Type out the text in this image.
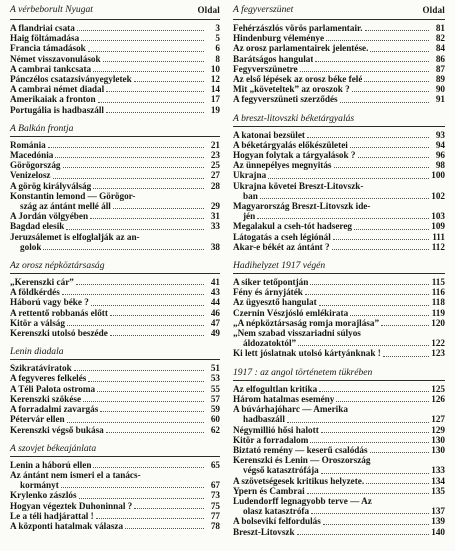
A vérbeborult Nyugat	Oldal
A flandriai csata	3
Haig föltámadása	5
Francia támadások	6
Német visszavonulások	8
A cambrai tankcsata	10
Pánczélos csatazsiványegyletek	12
A cambrai német diadal	14
Amerikaiak a fronton	17
Portugália is hadbaszáll	19
A Balkán frontja
Románia	21
Macedónia	23
Görögország	25
Venizelosz	27
A görög királyválság	28
Konstantin lemond — Görögor-
szág az ántánt mellé áll	29
A Jordán völgyében	31
Bagdad elesik	33
Jeruzsálemet is elfoglalják az an-
golok	38
Az orosz népköztársaság
„Kerenszki cár”	41
A földkérdés	43
Háború vagy béke ?	44
A rettentő robbanás előtt	46
Kitör a válság	47
Kerenszki utolsó beszéde	49
Lenin diadala
Szikratáviratok	51
A fegyveres felkelés	53
A Téli Palota ostroma	55
Kerenszki szökése	57
A forradalmi zavargás	59
Pétervár ellen	60
Kerenszki végső bukása	62
A szovjet békeajánlata
Lenin a háború ellen	65
Az ántánt nem ismeri el a tanács-
kormányt	67
Krylenko zászlós	73
Hogyan végeztek Duhoninnal ?	75
Le a téli hadjárattal !	77
A központi hatalmak válasza	78
A fegyverszünet	Oldal
Fehérzászlós vörös parlamentair.	81
Hindenburg véleménye	82
Az orosz parlamentairek jelentése.	84
Barátságos hangulat	86
Fegyverszünetre	87
Az első lépések az orosz béke felé	89
Mit „követeltek” az oroszok ?	90
A fegyverszüneti szerződés	91
A breszt-litovszki béketárgyalás
A katonai bezsület	93
A béketárgyalás előkészületei	94
Hogyan folytak a tárgyalások ?	96
Az ünnepélyes megnyitás	98
Ukrajna	100
Ukrajna követei Breszt-Litovszk-
ban	102
Magyarország Breszt-Litovszk ide-
jén	103
Megalakul a cseh-tót hadsereg	109
Látogatás a cseh légiónál	111
Akar-e békét az ántánt ?	112
Hadihelyzet 1917 végén
A siker tetőpontján	115
Fény és árnyjáték	116
Az ügyesztő hangulat	118
Czernin Vészjósló emlékirata	119
„A népköztársaság romja morajlása”	120
„Nem szabad visszariadni súlyos
áldozatoktól”	122
Ki lett jóslatnak utolsó kártyánknak !	123
1917 : az angol történetem tükrében
Az elfogultlan kritika	125
Három hatalmas esemény	126
A búvárhajóharc — Amerika
hadbaszáll	127
Négymillió hősi halott	129
Kitör a forradalom	130
Biztató remény — keserű csalódás	130
Kerenszki és Lenin — Oroszország
végső katasztrófája	133
A szövetségesek kritikus helyzete.	134
Ypern és Cambrai	135
Ludendorff legnagyobb terve — Az
olasz katasztrófa	137
A bolsevikí felfordulás	139
Breszt-Litovszk	140
